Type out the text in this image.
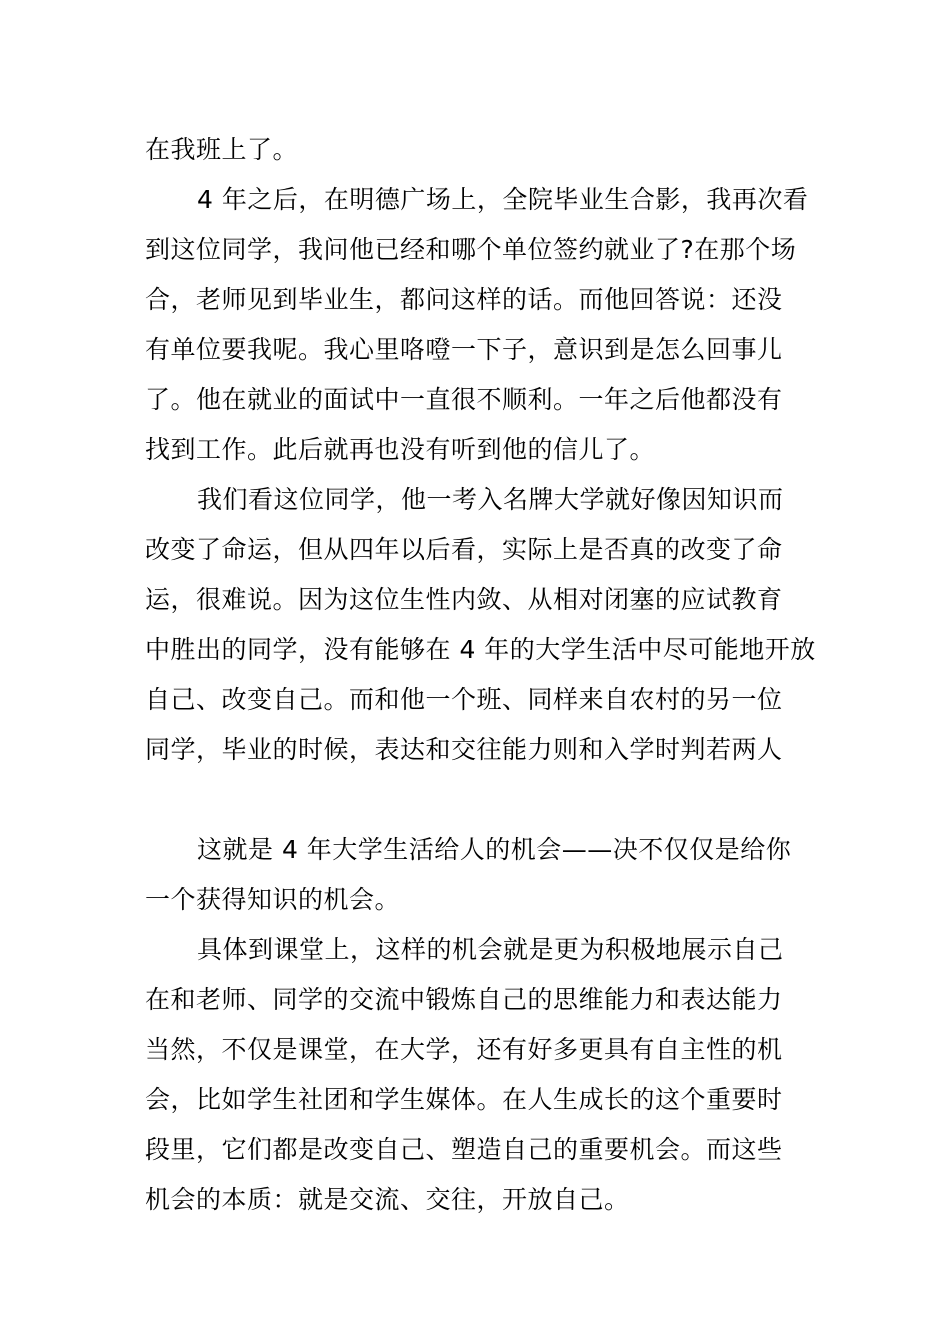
在我班上了。
4 年之后，在明德广场上，全院毕业生合影，我再次看
到这位同学，我问他已经和哪个单位签约就业了?在那个场
合，老师见到毕业生，都问这样的话。而他回答说：还没
有单位要我呢。我心里咯噔一下子，意识到是怎么回事儿
了。他在就业的面试中一直很不顺利。一年之后他都没有
找到工作。此后就再也没有听到他的信儿了。
我们看这位同学，他一考入名牌大学就好像因知识而
改变了命运，但从四年以后看，实际上是否真的改变了命
运，很难说。因为这位生性内敛、从相对闭塞的应试教育
中胜出的同学，没有能够在 4 年的大学生活中尽可能地开放
自己、改变自己。而和他一个班、同样来自农村的另一位
同学，毕业的时候，表达和交往能力则和入学时判若两人
这就是 4 年大学生活给人的机会——决不仅仅是给你
一个获得知识的机会。
具体到课堂上，这样的机会就是更为积极地展示自己
在和老师、同学的交流中锻炼自己的思维能力和表达能力
当然，不仅是课堂，在大学，还有好多更具有自主性的机
会，比如学生社团和学生媒体。在人生成长的这个重要时
段里，它们都是改变自己、塑造自己的重要机会。而这些
机会的本质：就是交流、交往，开放自己。
